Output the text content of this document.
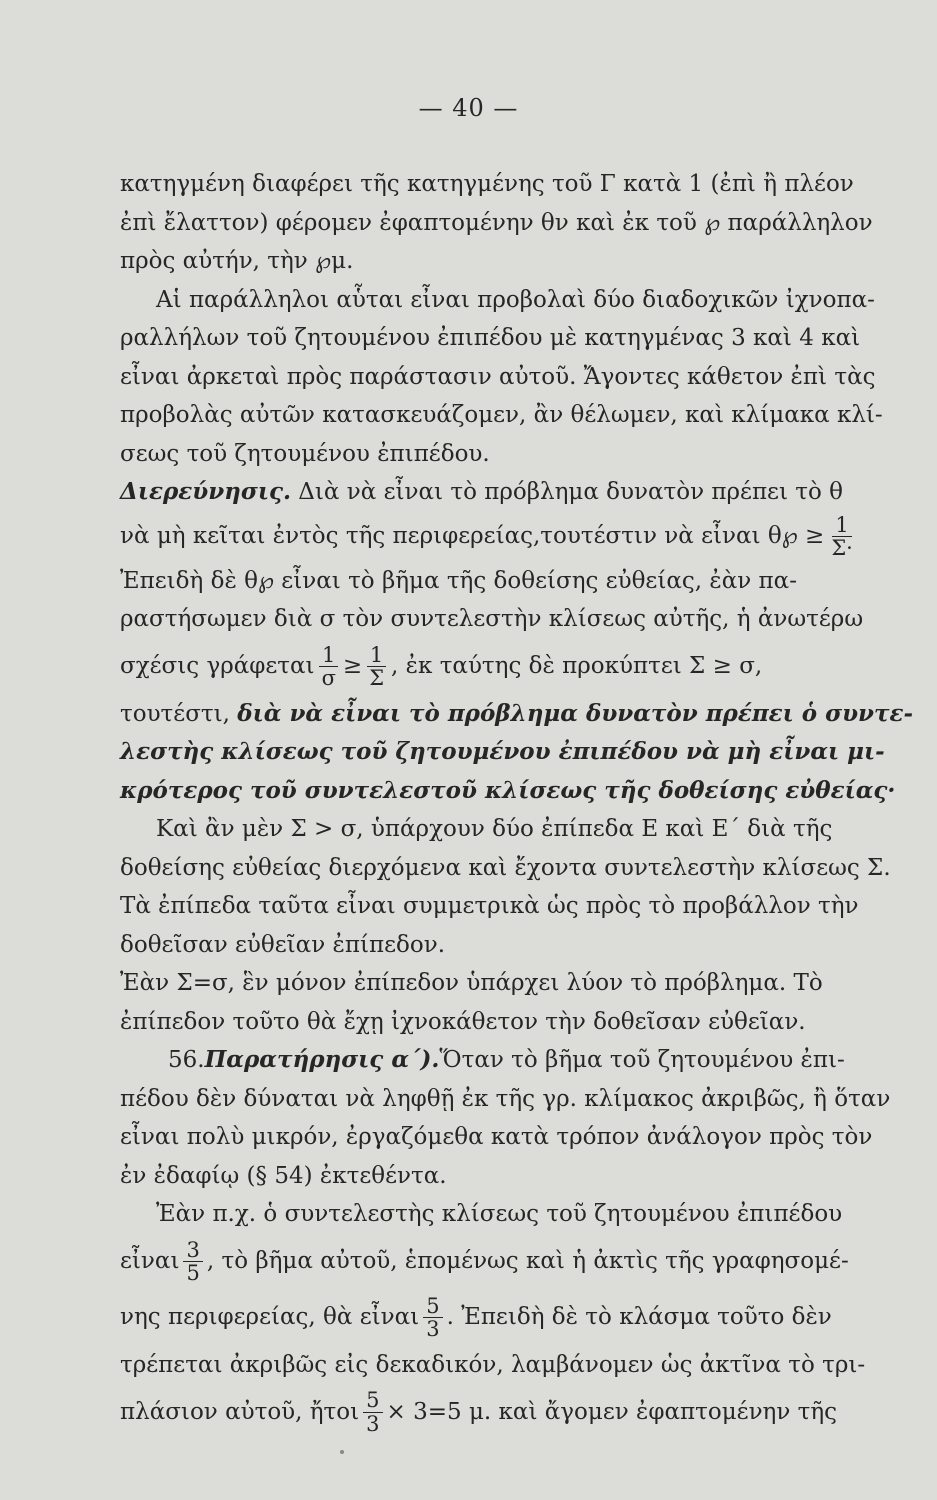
— 40 —
κατηγμένη διαφέρει τῆς κατηγμένης τοῦ Γ κατὰ 1 (ἐπὶ ἢ πλέον
ἐπὶ ἔλαττον) φέρομεν ἐφαπτομένην θν καὶ ἐκ τοῦ ℘ παράλληλον
πρὸς αὐτήν, τὴν ℘μ.
Αἱ παράλληλοι αὗται εἶναι προβολαὶ δύο διαδοχικῶν ἰχνοπα-
ραλλήλων τοῦ ζητουμένου ἐπιπέδου μὲ κατηγμένας 3 καὶ 4 καὶ
εἶναι ἀρκεταὶ πρὸς παράστασιν αὐτοῦ. Ἄγοντες κάθετον ἐπὶ τὰς
προβολὰς αὐτῶν κατασκευάζομεν, ἂν θέλωμεν, καὶ κλίμακα κλί-
σεως τοῦ ζητουμένου ἐπιπέδου.
Διερεύνησις.
Διὰ νὰ εἶναι τὸ πρόβλημα δυνατὸν πρέπει τὸ θ
νὰ μὴ κεῖται ἐντὸς τῆς περιφερείας,τουτέστιν νὰ εἶναι θ℘ ≥ $\frac{1}{\Sigma\cdot}$
Ἐπειδὴ δὲ θ℘ εἶναι τὸ βῆμα τῆς δοθείσης εὐθείας, ἐὰν πα-
ραστήσωμεν διὰ σ τὸν συντελεστὴν κλίσεως αὐτῆς, ἡ ἀνωτέρω
σχέσις γράφεται $\frac{1}{\sigma} \ge \frac{1}{\Sigma}$ , ἐκ ταύτης δὲ προκύπτει Σ ≥ σ,
τουτέστι,
διὰ νὰ εἶναι τὸ πρόβλημα δυνατὸν πρέπει ὁ συντε-
λεστὴς κλίσεως τοῦ ζητουμένου ἐπιπέδου νὰ μὴ εἶναι μι-
κρότερος τοῦ συντελεστοῦ κλίσεως τῆς δοθείσης εὐθείας·
Καὶ ἂν μὲν Σ > σ, ὑπάρχουν δύο ἐπίπεδα Ε καὶ Ε΄ διὰ τῆς
δοθείσης εὐθείας διερχόμενα καὶ ἔχοντα συντελεστὴν κλίσεως Σ.
Τὰ ἐπίπεδα ταῦτα εἶναι συμμετρικὰ ὡς πρὸς τὸ προβάλλον τὴν
δοθεῖσαν εὐθεῖαν ἐπίπεδον.
Ἐὰν Σ=σ, ἓν μόνον ἐπίπεδον ὑπάρχει λύον τὸ πρόβλημα. Τὸ
ἐπίπεδον τοῦτο θὰ ἔχῃ ἰχνοκάθετον τὴν δοθεῖσαν εὐθεῖαν.
56. Παρατήρησις α΄). Ὅταν τὸ βῆμα τοῦ ζητουμένου ἐπι-
πέδου δὲν δύναται νὰ ληφθῇ ἐκ τῆς γρ. κλίμακος ἀκριβῶς, ἢ ὅταν
εἶναι πολὺ μικρόν, ἐργαζόμεθα κατὰ τρόπον ἀνάλογον πρὸς τὸν
ἐν ἐδαφίῳ (§ 54) ἐκτεθέντα.
Ἐὰν π.χ. ὁ συντελεστὴς κλίσεως τοῦ ζητουμένου ἐπιπέδου
εἶναι $\frac{3}{5}$ , τὸ βῆμα αὐτοῦ, ἑπομένως καὶ ἡ ἀκτὶς τῆς γραφησομέ-
νης περιφερείας, θὰ εἶναι $\frac{5}{3}$ . Ἐπειδὴ δὲ τὸ κλάσμα τοῦτο δὲν
τρέπεται ἀκριβῶς εἰς δεκαδικόν, λαμβάνομεν ὡς ἀκτῖνα τὸ τρι-
πλάσιον αὐτοῦ, ἤτοι $\frac{5}{3} \times 3=5$ μ. καὶ ἄγομεν ἐφαπτομένην τῆς
